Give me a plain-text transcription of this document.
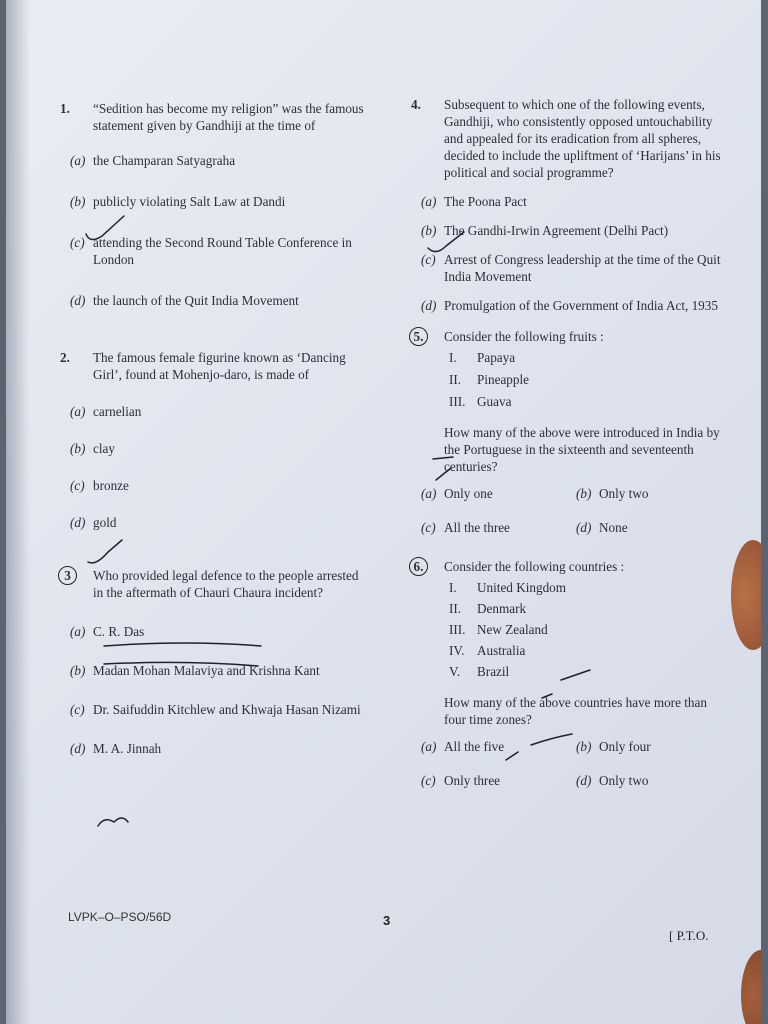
1. “Sedition has become my religion” was the famous statement given by Gandhiji at the time of
(a) the Champaran Satyagraha
(b) publicly violating Salt Law at Dandi
(c) attending the Second Round Table Conference in London
(d) the launch of the Quit India Movement
2. The famous female figurine known as ‘Dancing Girl’, found at Mohenjo-daro, is made of
(a) carnelian
(b) clay
(c) bronze
(d) gold
3	Who provided legal defence to the people arrested in the aftermath of Chauri Chaura incident?
(a) C. R. Das
(b) Madan Mohan Malaviya and Krishna Kant
(c) Dr. Saifuddin Kitchlew and Khwaja Hasan Nizami
(d) M. A. Jinnah
4. Subsequent to which one of the following events, Gandhiji, who consistently opposed untouchability and appealed for its eradication from all spheres, decided to include the upliftment of ‘Harijans’ in his political and social programme?
(a) The Poona Pact
(b) The Gandhi-Irwin Agreement (Delhi Pact)
(c) Arrest of Congress leadership at the time of the Quit India Movement
(d) Promulgation of the Government of India Act, 1935
5.	Consider the following fruits :
I.	Papaya
II.	Pineapple
III. Guava
How many of the above were introduced in India by the Portuguese in the sixteenth and seventeenth centuries?
(a) Only one	(b) Only two
(c) All the three	(d) None
6.	Consider the following countries :
I.	United Kingdom
II.	Denmark
III. New Zealand
IV. Australia
V.	Brazil
How many of the above countries have more than four time zones?
(a) All the five	(b) Only four
(c) Only three	(d) Only two
LVPK–O–PSO/56D	3
[ P.T.O.
